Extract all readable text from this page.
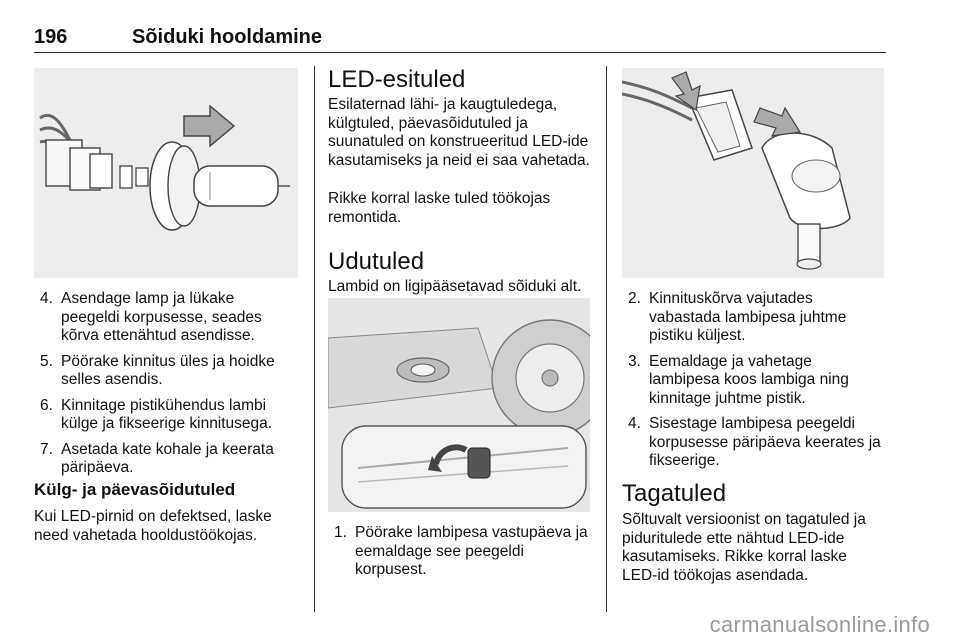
196	Sõiduki hooldamine
4. Asendage lamp ja lükake peegeldi korpusesse, seades kõrva ettenähtud asendisse.
5. Pöörake kinnitus üles ja hoidke selles asendis.
6. Kinnitage pistikühendus lambi külge ja fikseerige kinnitusega.
7. Asetada kate kohale ja keerata päripäeva.
Külg- ja päevasõidutuled
Kui LED-pirnid on defektsed, laske need vahetada hooldustöökojas.
LED-esituled
Esilaternad lähi- ja kaugtuledega, külgtuled, päevasõidutuled ja suunatuled on konstrueeritud LED-ide kasutamiseks ja neid ei saa vahetada.
Rikke korral laske tuled töökojas remontida.
Udutuled
Lambid on ligipääsetavad sõiduki alt.
1. Pöörake lambipesa vastupäeva ja eemaldage see peegeldi korpusest.
2. Kinnituskõrva vajutades vabastada lambipesa juhtme pistiku küljest.
3. Eemaldage ja vahetage lambipesa koos lambiga ning kinnitage juhtme pistik.
4. Sisestage lambipesa peegeldi korpusesse päripäeva keerates ja fikseerige.
Tagatuled
Sõltuvalt versioonist on tagatuled ja piduritulede ette nähtud LED-ide kasutamiseks. Rikke korral laske LED-id töökojas asendada.
carmanualsonline.info
